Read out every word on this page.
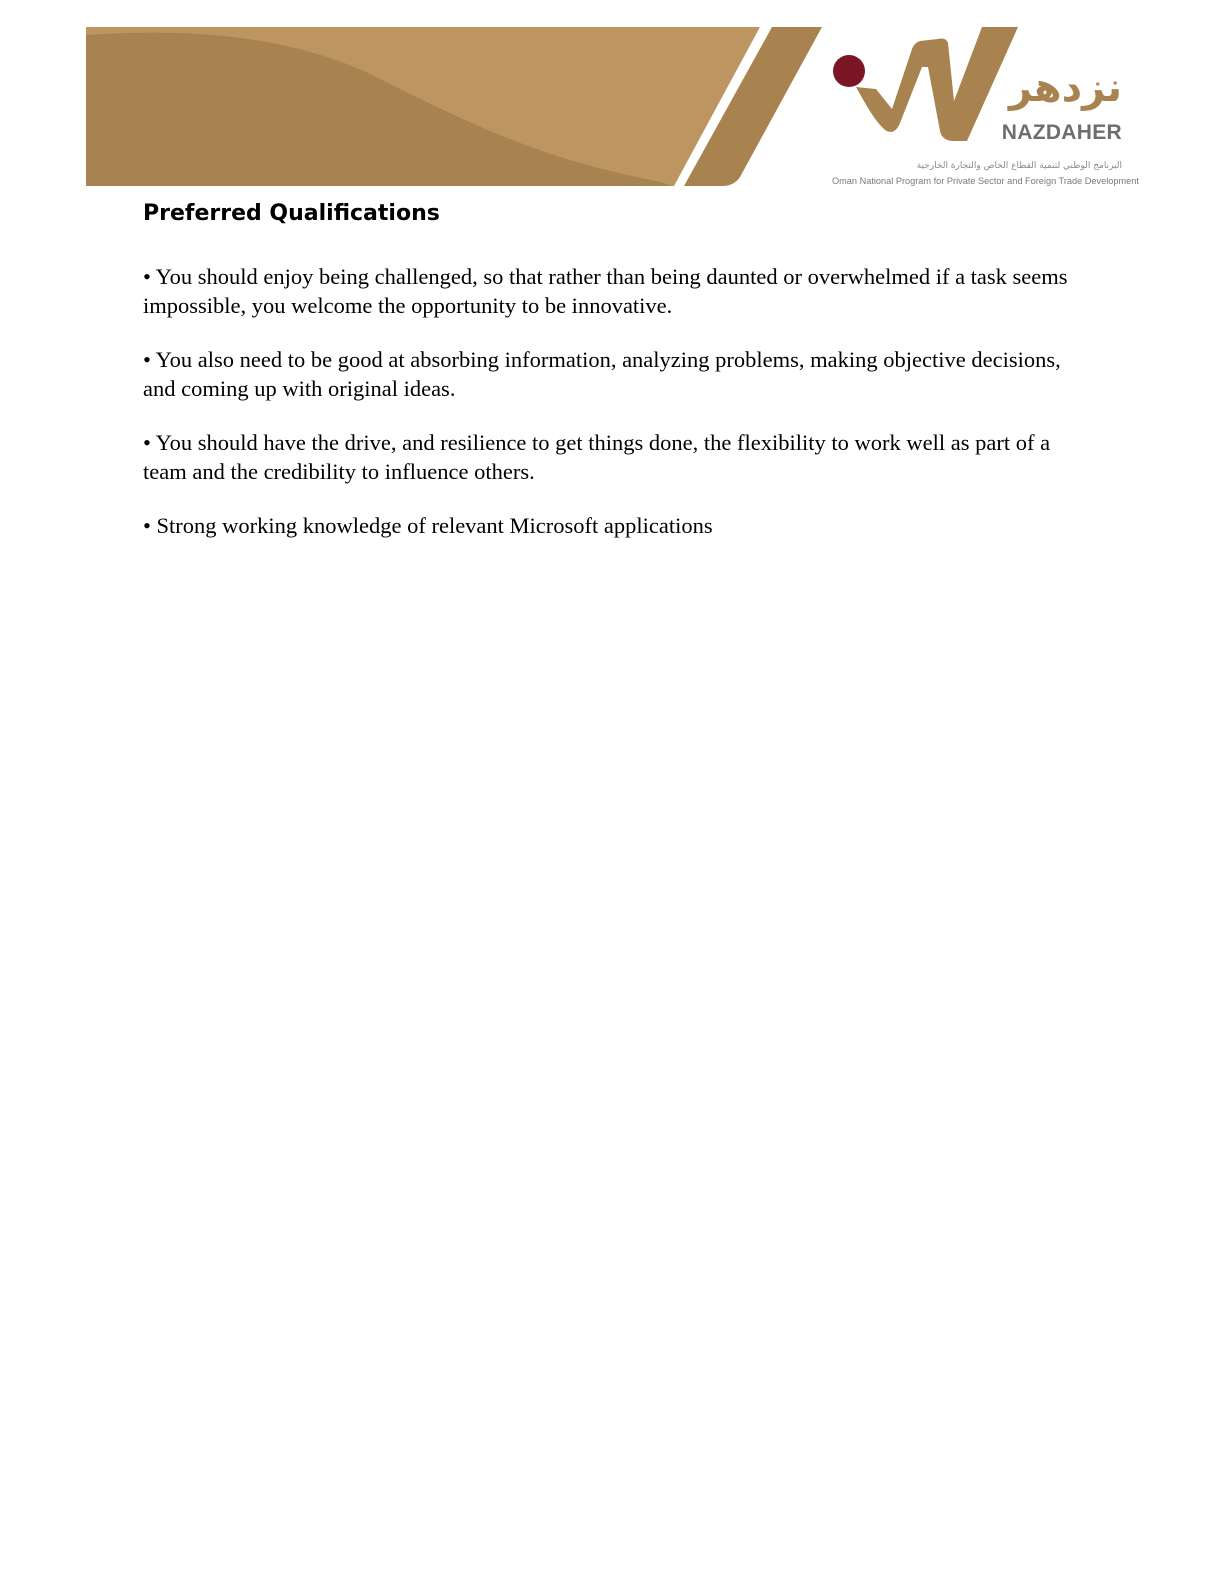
نزدهر
NAZDAHER
البرنامج الوطني لتنمية القطاع الخاص والتجارة الخارجية
Oman National Program for Private Sector and Foreign Trade Development
Preferred Qualifications
• You should enjoy being challenged, so that rather than being daunted or overwhelmed if a task seems impossible, you welcome the opportunity to be innovative.
• You also need to be good at absorbing information, analyzing problems, making objective decisions, and coming up with original ideas.
• You should have the drive, and resilience to get things done, the flexibility to work well as part of a team and the credibility to influence others.
• Strong working knowledge of relevant Microsoft applications
